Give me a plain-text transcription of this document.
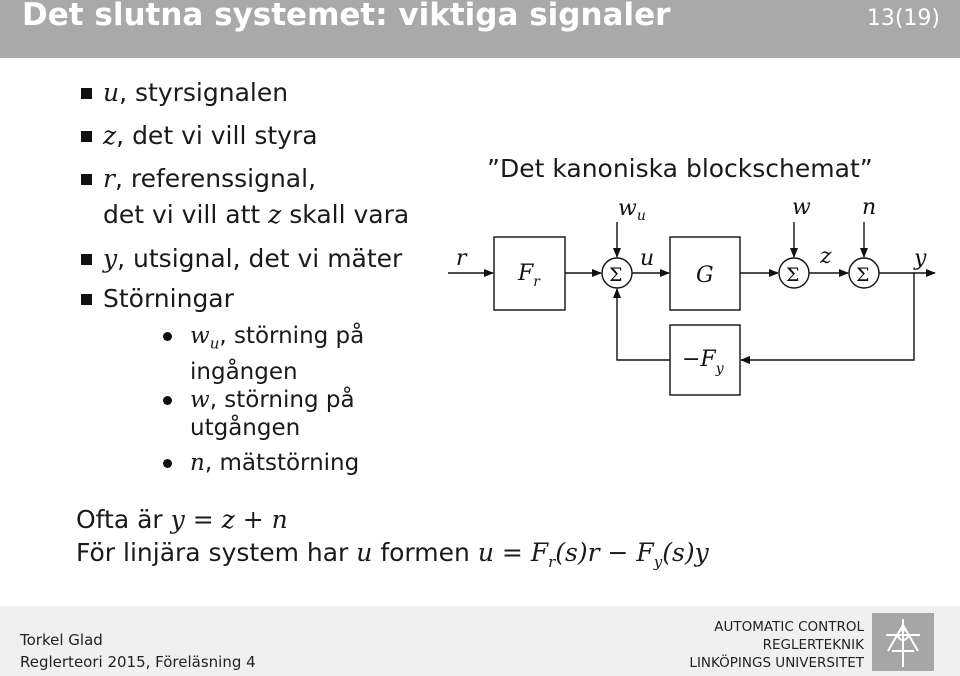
Det slutna systemet: viktiga signaler	13(19)
u, styrsignalen
z, det vi vill styra
r, referenssignal,
det vi vill att z skall vara
y, utsignal, det vi mäter
Störningar
$w_u$, störning på
ingången
w, störning på
utgången
n, mätstörning
”Det kanoniska blockschemat”
$F_r$	G
$-F_y$
Σ	Σ	Σ
r	u
$w_u$	w n
z	y
Ofta är y = z + n
För linjära system har u formen $u = F_r(s)r - F_y(s)y$
Torkel Glad
Reglerteori 2015, Föreläsning 4
AUTOMATIC CONTROL
REGLERTEKNIK
LINKÖPINGS UNIVERSITET
